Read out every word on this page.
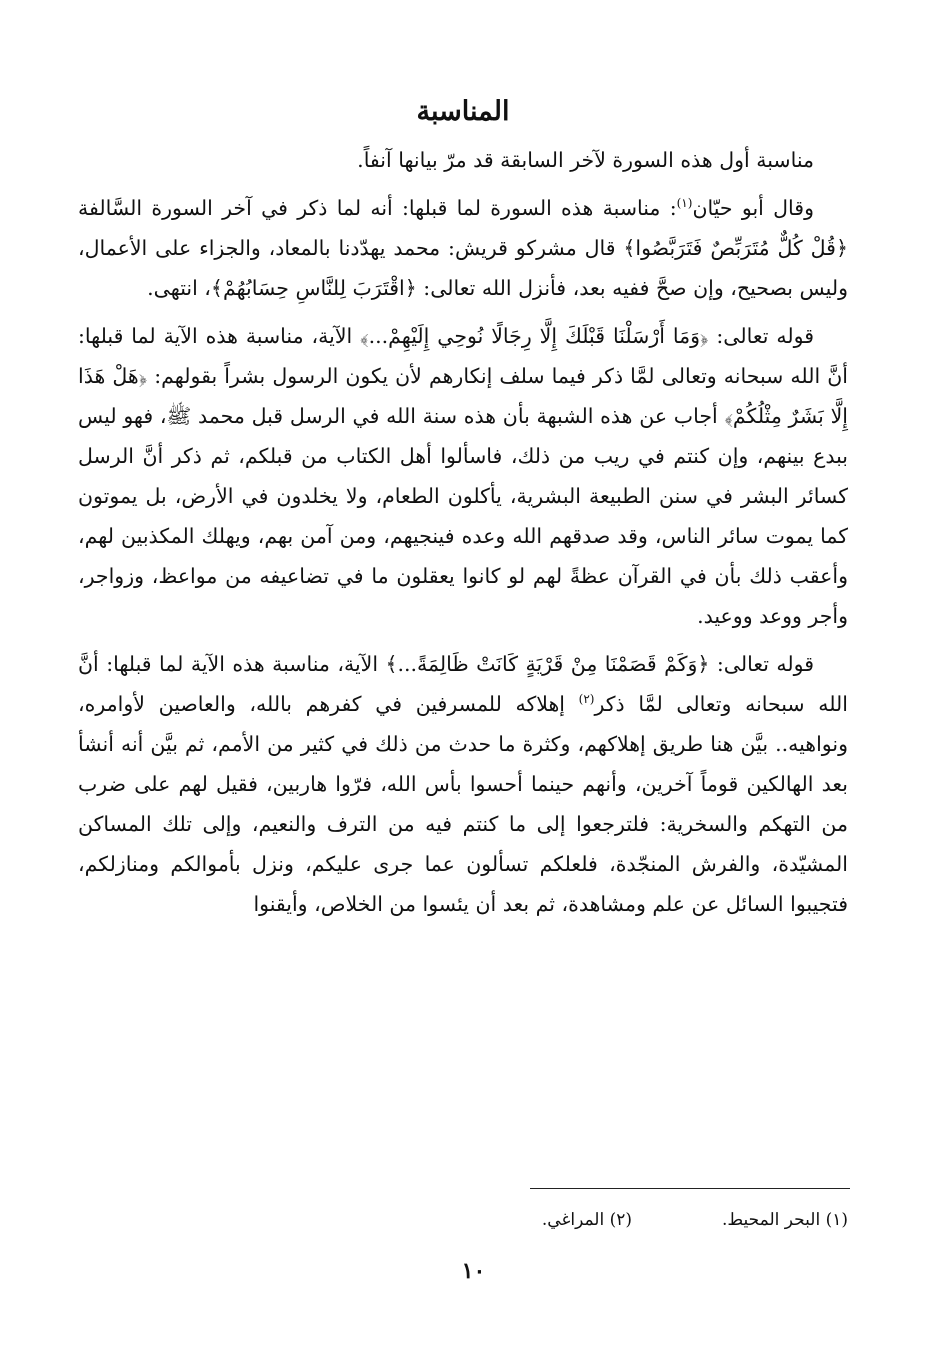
المناسبة

مناسبة أول هذه السورة لآخر السابقة قد مرّ بيانها آنفاً.

وقال أبو حيّان$^{(١)}$: مناسبة هذه السورة لما قبلها: أنه لما ذكر في آخر السورة السَّالفة ﴿قُلْ كُلٌّ مُتَرَبِّصٌ فَتَرَبَّصُوا﴾ قال مشركو قريش: محمد يهدّدنا بالمعاد، والجزاء على الأعمال، وليس بصحيح، وإن صحَّ ففيه بعد، فأنزل الله تعالى: ﴿اقْتَرَبَ لِلنَّاسِ حِسَابُهُمْ﴾، انتهى.

قوله تعالى: ﴿وَمَا أَرْسَلْنَا قَبْلَكَ إِلَّا رِجَالًا نُوحِي إِلَيْهِمْ...﴾ الآية، مناسبة هذه الآية لما قبلها: أنَّ الله سبحانه وتعالى لمَّا ذكر فيما سلف إنكارهم لأن يكون الرسول بشراً بقولهم: ﴿هَلْ هَذَا إِلَّا بَشَرٌ مِثْلُكُمْ﴾ أجاب عن هذه الشبهة بأن هذه سنة الله في الرسل قبل محمد ﷺ، فهو ليس ببدع بينهم، وإن كنتم في ريب من ذلك، فاسألوا أهل الكتاب من قبلكم، ثم ذكر أنَّ الرسل كسائر البشر في سنن الطبيعة البشرية، يأكلون الطعام، ولا يخلدون في الأرض، بل يموتون كما يموت سائر الناس، وقد صدقهم الله وعده فينجيهم، ومن آمن بهم، ويهلك المكذبين لهم، وأعقب ذلك بأن في القرآن عظةً لهم لو كانوا يعقلون ما في تضاعيفه من مواعظ، وزواجر، وأجر ووعد ووعيد.

قوله تعالى: ﴿وَكَمْ قَصَمْنَا مِنْ قَرْيَةٍ كَانَتْ ظَالِمَةً...﴾ الآية، مناسبة هذه الآية لما قبلها: أنَّ الله سبحانه وتعالى لمَّا ذكر$^{(٢)}$ إهلاكه للمسرفين في كفرهم بالله، والعاصين لأوامره، ونواهيه.. بيَّن هنا طريق إهلاكهم، وكثرة ما حدث من ذلك في كثير من الأمم، ثم بيَّن أنه أنشأ بعد الهالكين قوماً آخرين، وأنهم حينما أحسوا بأس الله، فرّوا هاربين، فقيل لهم على ضرب من التهكم والسخرية: فلترجعوا إلى ما كنتم فيه من الترف والنعيم، وإلى تلك المساكن المشيّدة، والفرش المنجّدة، فلعلكم تسألون عما جرى عليكم، ونزل بأموالكم ومنازلكم، فتجيبوا السائل عن علم ومشاهدة، ثم بعد أن يئسوا من الخلاص، وأيقنوا

(١) البحر المحيط.
(٢) المراغي.
١٠
